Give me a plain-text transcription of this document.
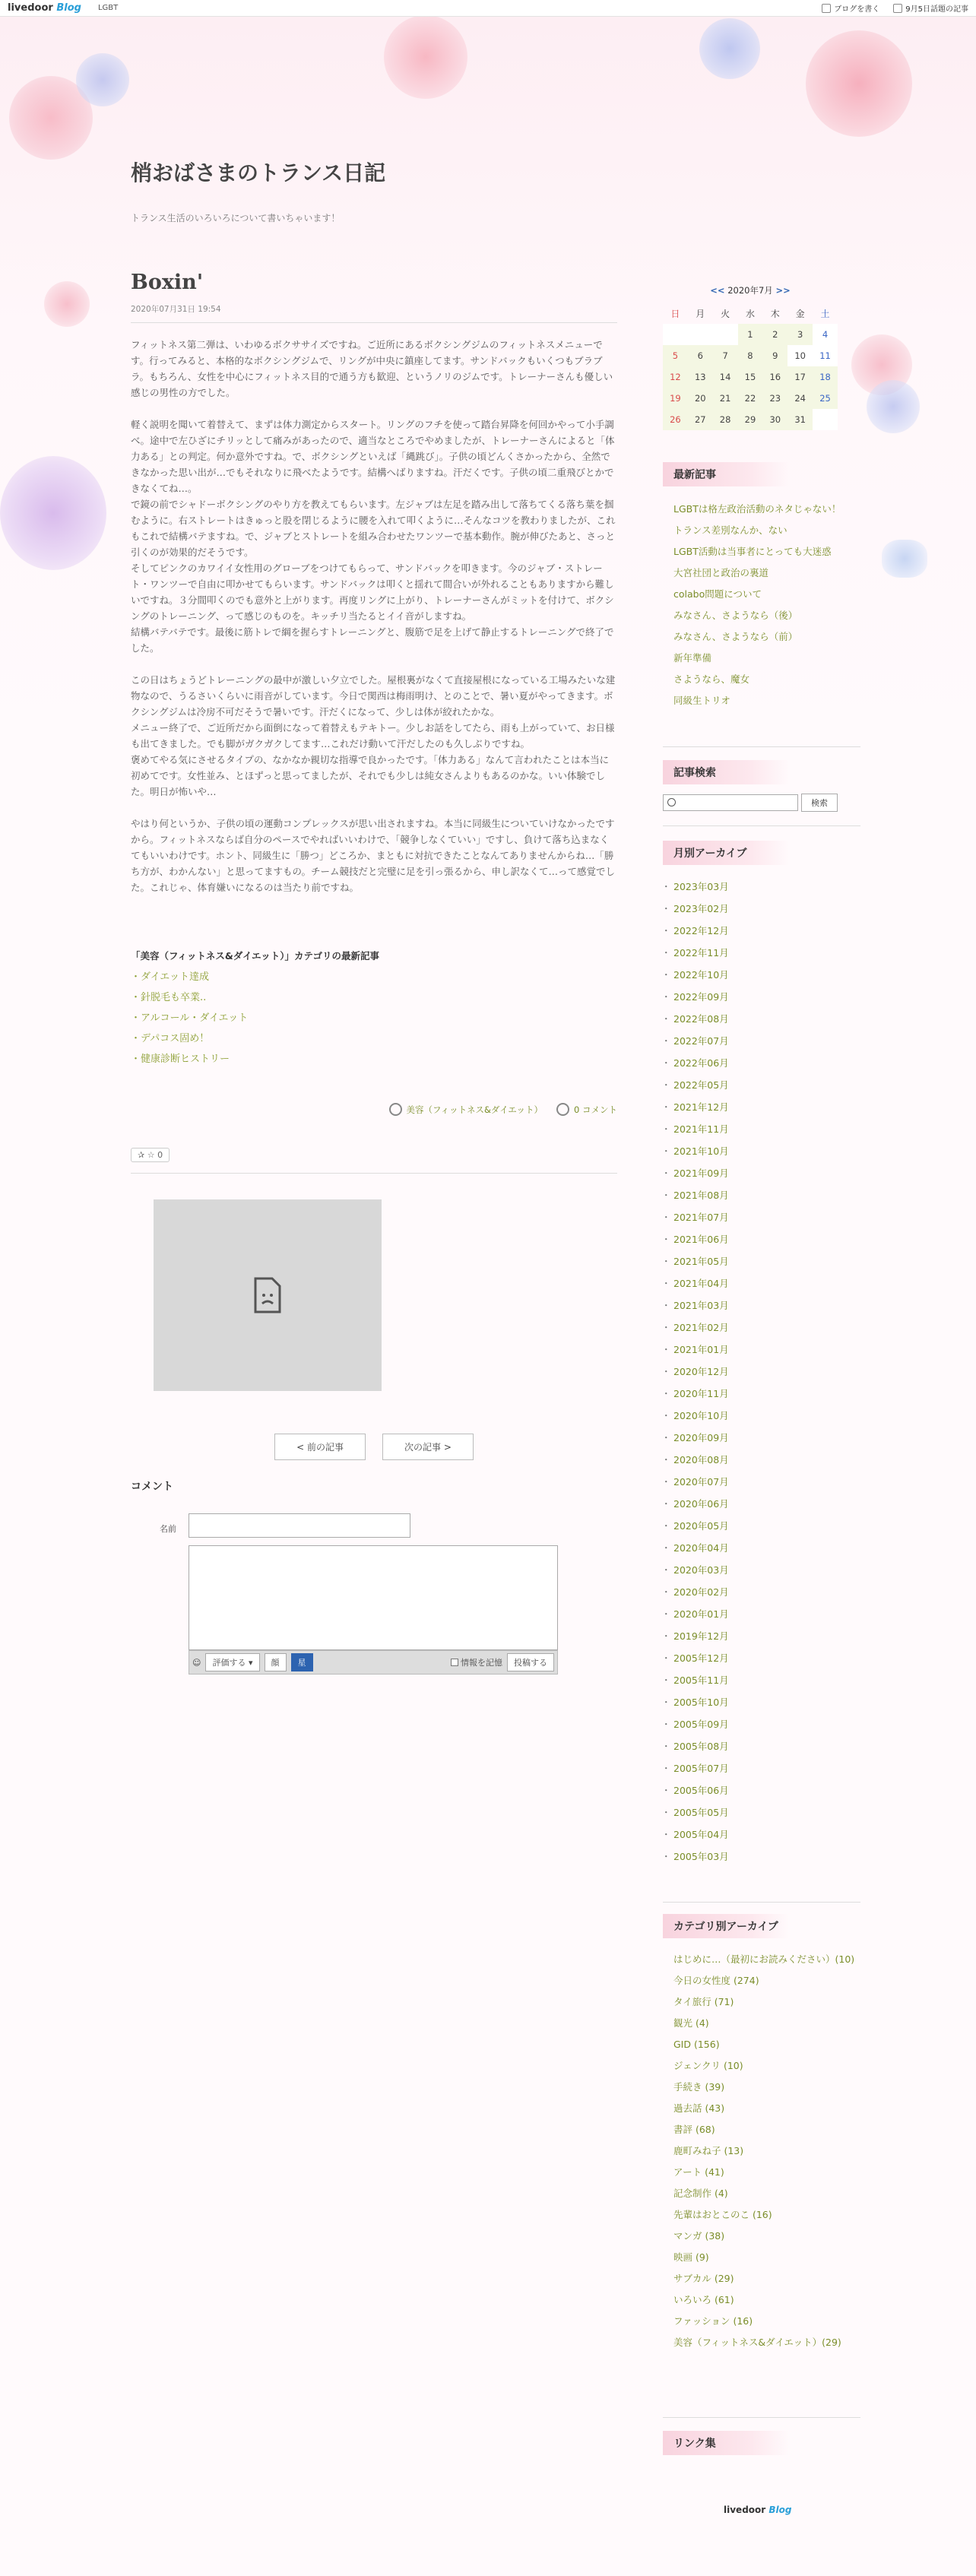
livedoor Blog LGBT	ブログを書く	9月5日話題の記事
梢おばさまのトランス日記
トランス生活のいろいろについて書いちゃいます！
Boxin'
2020年07月31日 19:54

フィットネス第二弾は、いわゆるボクササイズですね。ご近所にあるボクシングジムのフィットネスメニューです。行ってみると、本格的なボクシングジムで、リングが中央に鎮座してます。サンドバックもいくつもブラブラ。もちろん、女性を中心にフィットネス目的で通う方も歓迎、というノリのジムです。トレーナーさんも優しい感じの男性の方でした。

軽く説明を聞いて着替えて、まずは体力測定からスタート。リングのフチを使って踏台昇降を何回かやって小手調べ。途中で左ひざにチリッとして痛みがあったので、適当なところでやめましたが、トレーナーさんによると「体力ある」との判定。何か意外ですね。で、ボクシングといえば「縄跳び」。子供の頃どんくさかったから、全然できなかった思い出が…でもそれなりに飛べたようです。結構へばりますね。汗だくです。子供の頃二重飛びとかできなくてね…。
で鏡の前でシャドーボクシングのやり方を教えてもらいます。左ジャブは左足を踏み出して落ちてくる落ち葉を掴むように。右ストレートはきゅっと股を閉じるように腰を入れて叩くように…そんなコツを教わりましたが、これもこれで結構バテますね。で、ジャブとストレートを組み合わせたワンツーで基本動作。腕が伸びたあと、さっと引くのが効果的だそうです。
そしてピンクのカワイイ女性用のグローブをつけてもらって、サンドバックを叩きます。今のジャブ・ストレート・ワンツーで自由に叩かせてもらいます。サンドバックは叩くと揺れて間合いが外れることもありますから難しいですね。３分間叩くのでも意外と上がります。再度リングに上がり、トレーナーさんがミットを付けて、ボクシングのトレーニング、って感じのものを。キッチリ当たるとイイ音がしますね。
結構バテバテです。最後に筋トレで綱を握らすトレーニングと、腹筋で足を上げて静止するトレーニングで終了でした。

この日はちょうどトレーニングの最中が激しい夕立でした。屋根裏がなくて直接屋根になっている工場みたいな建物なので、うるさいくらいに雨音がしています。今日で関西は梅雨明け、とのことで、暑い夏がやってきます。ボクシングジムは冷房不可だそうで暑いです。汗だくになって、少しは体が絞れたかな。
メニュー終了で、ご近所だから面倒になって着替えもテキトー。少しお話をしてたら、雨も上がっていて、お日様も出てきました。でも脚がガクガクしてます…これだけ動いて汗だしたのも久しぶりですね。
褒めてやる気にさせるタイプの、なかなか親切な指導で良かったです。「体力ある」なんて言われたことは本当に初めてです。女性並み、とほずっと思ってましたが、それでも少しは純女さんよりもあるのかな。いい体験でした。明日が怖いや…

やはり何というか、子供の頃の運動コンプレックスが思い出されますね。本当に同級生についていけなかったですから。フィットネスならば自分のペースでやればいいわけで、「競争しなくていい」ですし、負けて落ち込まなくてもいいわけです。ホント、同級生に「勝つ」どころか、まともに対抗できたことなんてありませんからね…「勝ち方が、わかんない」と思ってますもの。チーム競技だと完璧に足を引っ張るから、申し訳なくて…って感覚でした。これじゃ、体育嫌いになるのは当たり前ですね。

「美容（フィットネス&ダイエット）」カテゴリの最新記事
・ ダイエット達成
・ 針脱毛も卒業..
・ アルコール・ダイエット
・ デパコス固め！
・ 健康診断ヒストリー
美容（フィットネス&ダイエット）	0 コメント
✰ ☆ 0
< 前の記事	次の記事 >
コメント
名前
☺	評価する ▾	顔	星	情報を記憶	投稿する
<< 2020年7月 >>
日	月	火	水	木	金	土
			1	2	3	4
5	6	7	8	9	10	11
12	13	14	15	16	17	18
19	20	21	22	23	24	25
26	27	28	29	30	31	
最新記事
LGBTは格左政治活動のネタじゃない！
トランス差別なんか、ない
LGBT活動は当事者にとっても大迷惑
大宮社団と政治の裏道
colabo問題について
みなさん、さようなら（後）
みなさん、さようなら（前）
新年準備
さようなら、魔女
同級生トリオ
記事検索
検索
月別アーカイブ
・ 2023年03月
・ 2023年02月
・ 2022年12月
・ 2022年11月
・ 2022年10月
・ 2022年09月
・ 2022年08月
・ 2022年07月
・ 2022年06月
・ 2022年05月
・ 2021年12月
・ 2021年11月
・ 2021年10月
・ 2021年09月
・ 2021年08月
・ 2021年07月
・ 2021年06月
・ 2021年05月
・ 2021年04月
・ 2021年03月
・ 2021年02月
・ 2021年01月
・ 2020年12月
・ 2020年11月
・ 2020年10月
・ 2020年09月
・ 2020年08月
・ 2020年07月
・ 2020年06月
・ 2020年05月
・ 2020年04月
・ 2020年03月
・ 2020年02月
・ 2020年01月
・ 2019年12月
・ 2005年12月
・ 2005年11月
・ 2005年10月
・ 2005年09月
・ 2005年08月
・ 2005年07月
・ 2005年06月
・ 2005年05月
・ 2005年04月
・ 2005年03月
カテゴリ別アーカイブ
はじめに…（最初にお読みください）(10)
今日の女性度 (274)
タイ旅行 (71)
観光 (4)
GID (156)
ジェンクリ (10)
手続き (39)
過去話 (43)
書評 (68)
鹿町みね子 (13)
アート (41)
記念制作 (4)
先輩はおとこのこ (16)
マンガ (38)
映画 (9)
サブカル (29)
いろいろ (61)
ファッション (16)
美容（フィットネス&ダイエット）(29)
リンク集
livedoor Blog
